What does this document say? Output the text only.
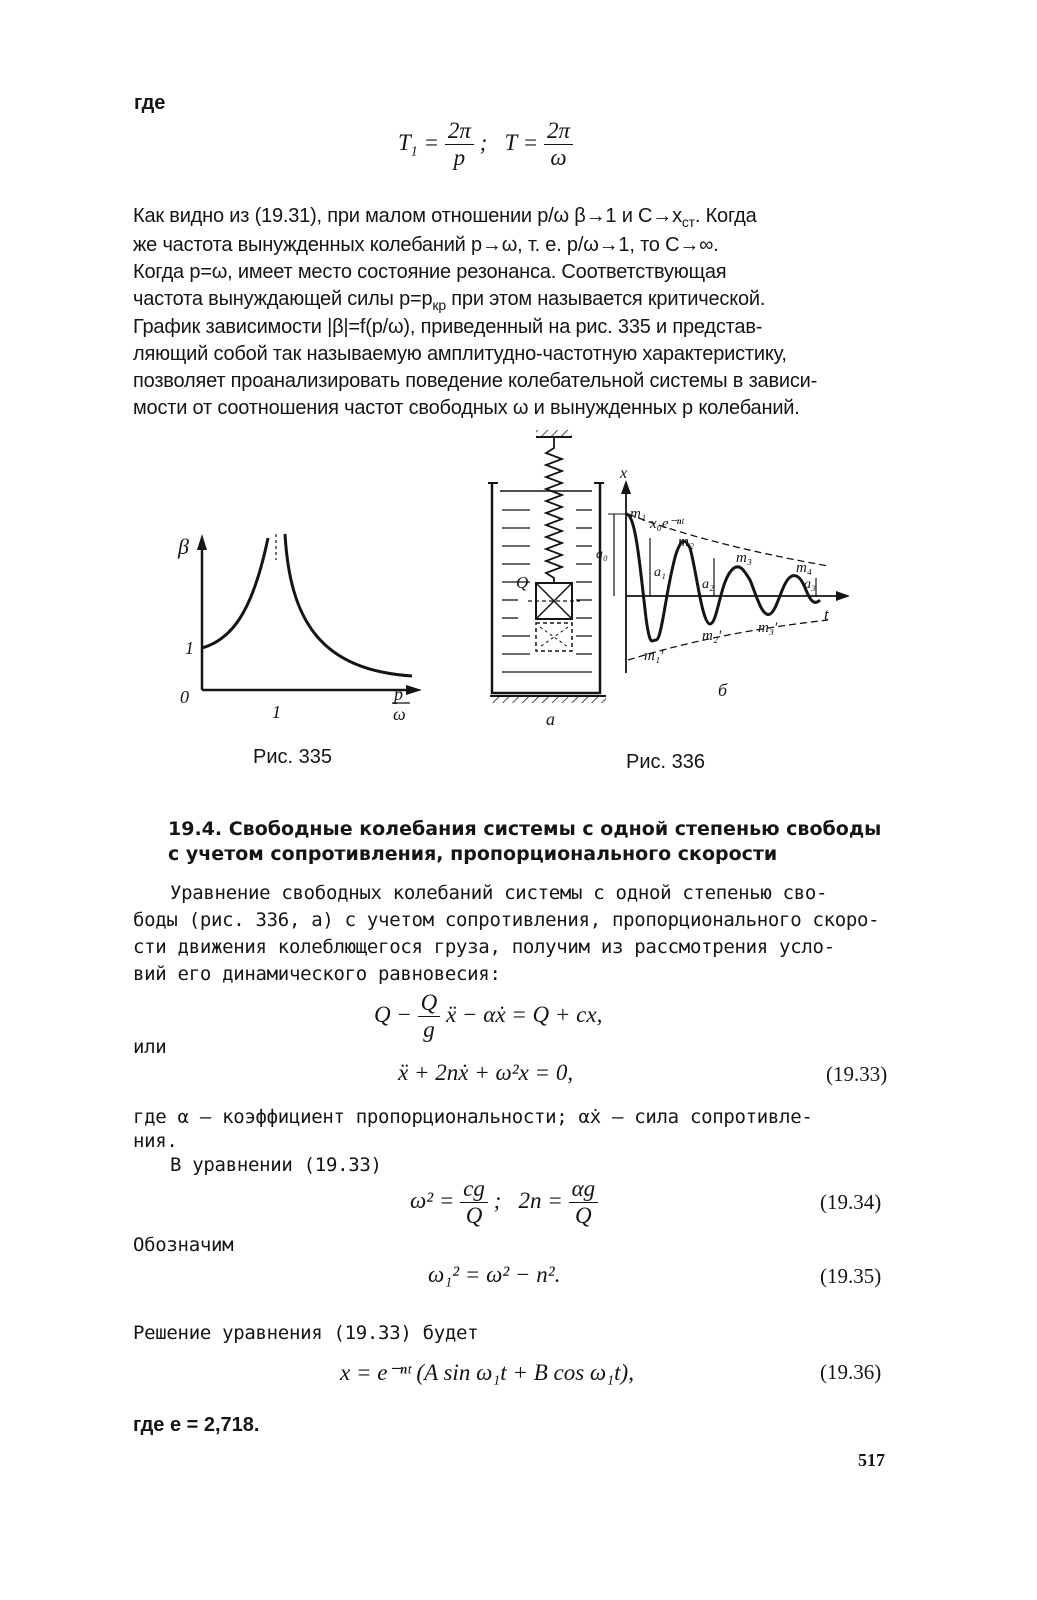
где
$T_1 = \frac{2\pi}{p}$ ; $T = \frac{2\pi}{\omega}$
Как видно из (19.31), при малом отношении p/ω β→1 и $C\to x_{ст}$. Когда
же частота вынужденных колебаний p→ω, т. е. p/ω→1, то C→∞.
Когда p=ω, имеет место состояние резонанса. Соответствующая
частота вынуждающей силы $p=p_{кр}$ при этом называется критической.
График зависимости |β|=f(p/ω), приведенный на рис. 335 и представ-
ляющий собой так называемую амплитудно-частотную характеристику,
позволяет проанализировать поведение колебательной системы в зависи-
мости от соотношения частот свободных ω и вынужденных p колебаний.
β
1
0
1
p
ω
Рис. 335
Q
а
x
t
a₀
a₁
a₂	a₃
m₁
x₀e⁻ⁿᵗ
m₂
m₃
m₄
m₁'
m₂' m₃'
б
Рис. 336
19.4. Свободные колебания системы с одной степенью свободы
с учетом сопротивления, пропорционального скорости
Уравнение свободных колебаний системы с одной степенью сво-
боды (рис. 336, а) с учетом сопротивления, пропорционального скоро-
сти движения колеблющегося груза, получим из рассмотрения усло-
вий его динамического равновесия:
$Q - \frac{Q}{g}$ ẍ − αẋ = Q + cx,
или
ẍ + 2nẋ + ω²x = 0,	(19.33)
где α — коэффициент пропорциональности; αẋ — сила сопротивле-
ния.
В уравнении (19.33)
$\omega^2 = \frac{cg}{Q}$ ; $2n = \frac{\alpha g}{Q}$	(19.34)
Обозначим
ω₁² = ω² − n².	(19.35)
Решение уравнения (19.33) будет
x = e⁻ⁿᵗ (A sin ω₁t + B cos ω₁t),	(19.36)
где e = 2,718.
517
